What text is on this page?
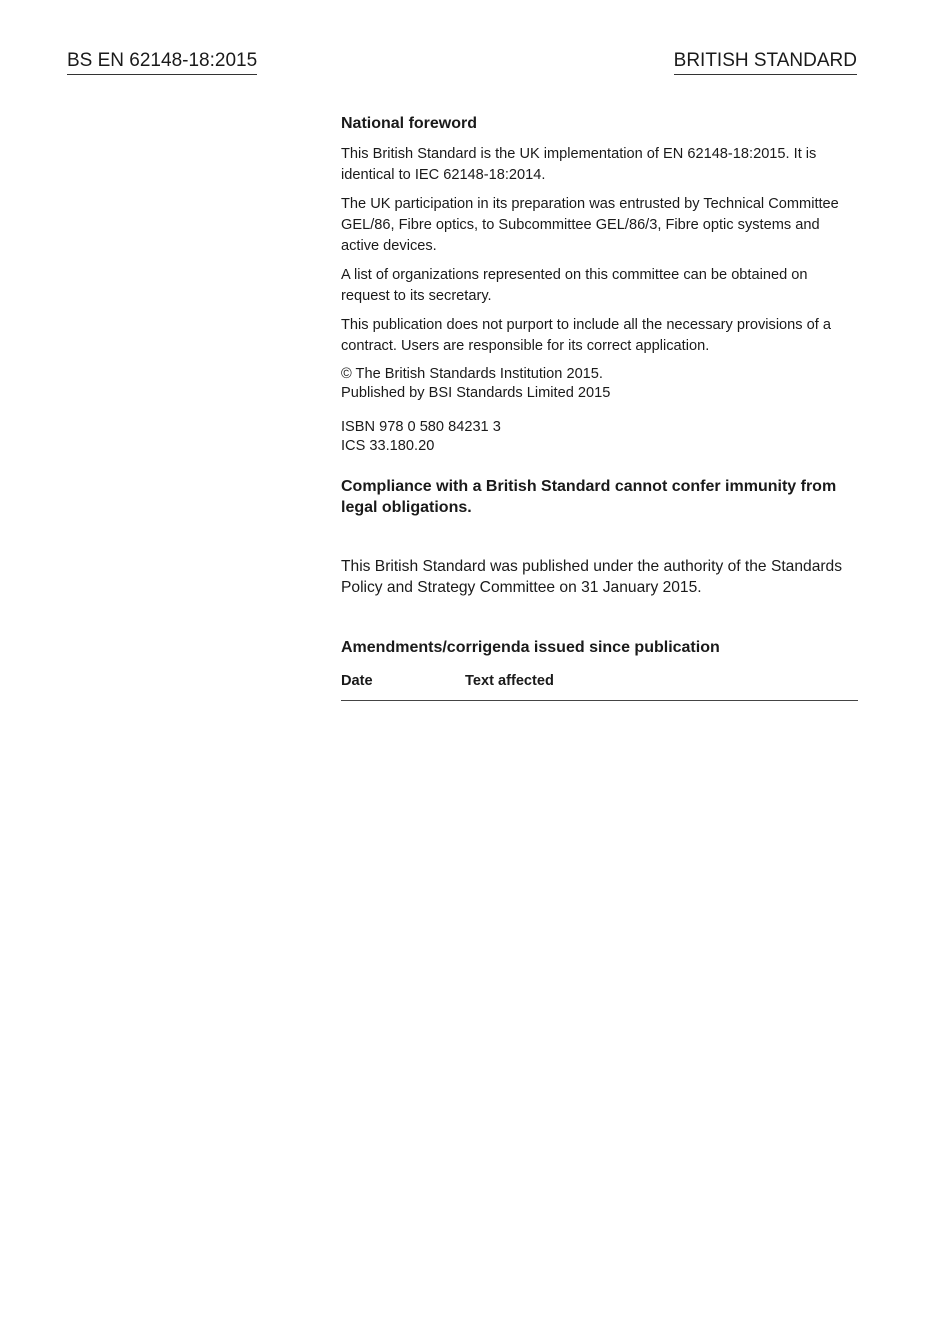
BS EN 62148-18:2015	BRITISH STANDARD
National foreword

This British Standard is the UK implementation of EN 62148-18:2015. It is identical to IEC 62148-18:2014.

The UK participation in its preparation was entrusted by Technical Committee GEL/86, Fibre optics, to Subcommittee GEL/86/3, Fibre optic systems and active devices.

A list of organizations represented on this committee can be obtained on request to its secretary.

This publication does not purport to include all the necessary provisions of a contract. Users are responsible for its correct application.

© The British Standards Institution 2015.
Published by BSI Standards Limited 2015
ISBN 978 0 580 84231 3
ICS 33.180.20
Compliance with a British Standard cannot confer immunity from legal obligations.
This British Standard was published under the authority of the Standards Policy and Strategy Committee on 31 January 2015.
Amendments/corrigenda issued since publication
Date	Text affected
